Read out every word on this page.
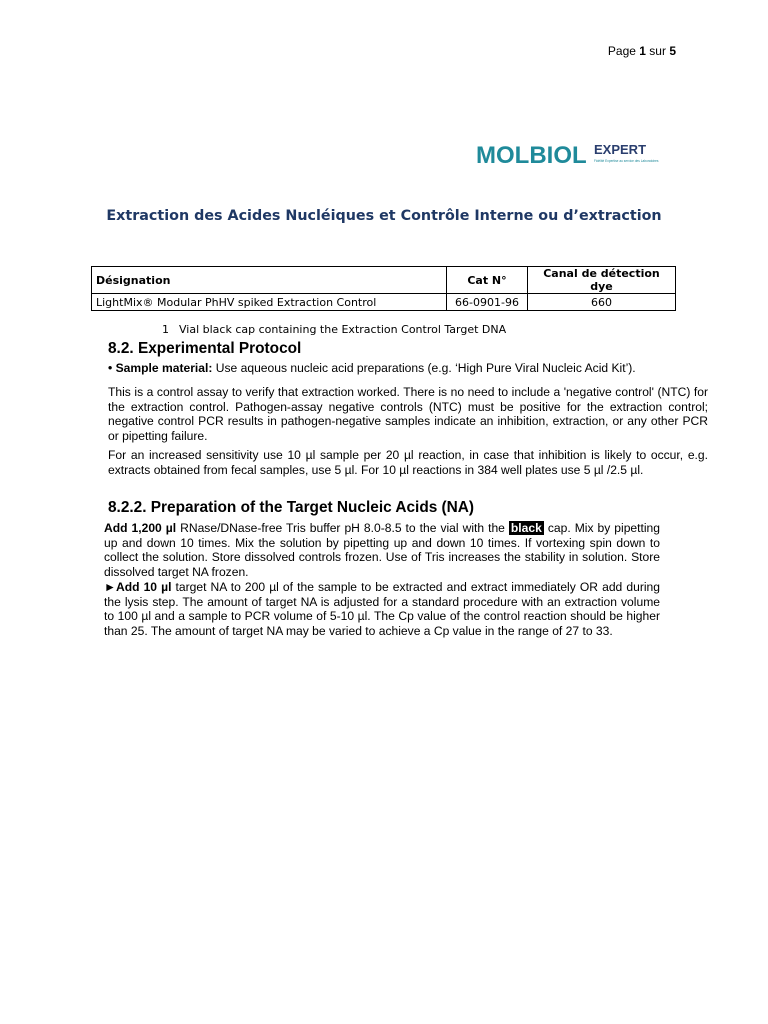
Page 1 sur 5
MOLBIOL EXPERT
Fidélité Expertise au service des Laboratoires
Extraction des Acides Nucléiques et Contrôle Interne ou d’extraction
Désignation	Cat N°	Canal de détection dye
LightMix® Modular PhHV spiked Extraction Control	66-0901-96	660
1 Vial black cap containing the Extraction Control Target DNA
8.2. Experimental Protocol
• Sample material: Use aqueous nucleic acid preparations (e.g. ‘High Pure Viral Nucleic Acid Kit’).
This is a control assay to verify that extraction worked. There is no need to include a 'negative control' (NTC) for the extraction control. Pathogen-assay negative controls (NTC) must be positive for the extraction control; negative control PCR results in pathogen-negative samples indicate an inhibition, extraction, or any other PCR or pipetting failure.
For an increased sensitivity use 10 µl sample per 20 µl reaction, in case that inhibition is likely to occur, e.g. extracts obtained from fecal samples, use 5 µl. For 10 µl reactions in 384 well plates use 5 µl /2.5 µl.
8.2.2. Preparation of the Target Nucleic Acids (NA)
Add 1,200 µl RNase/DNase-free Tris buffer pH 8.0-8.5 to the vial with the black cap. Mix by pipetting up and down 10 times. Mix the solution by pipetting up and down 10 times. If vortexing spin down to collect the solution. Store dissolved controls frozen. Use of Tris increases the stability in solution. Store dissolved target NA frozen.
►Add 10 µl target NA to 200 µl of the sample to be extracted and extract immediately OR add during the lysis step. The amount of target NA is adjusted for a standard procedure with an extraction volume to 100 µl and a sample to PCR volume of 5-10 µl. The Cp value of the control reaction should be higher than 25. The amount of target NA may be varied to achieve a Cp value in the range of 27 to 33.
